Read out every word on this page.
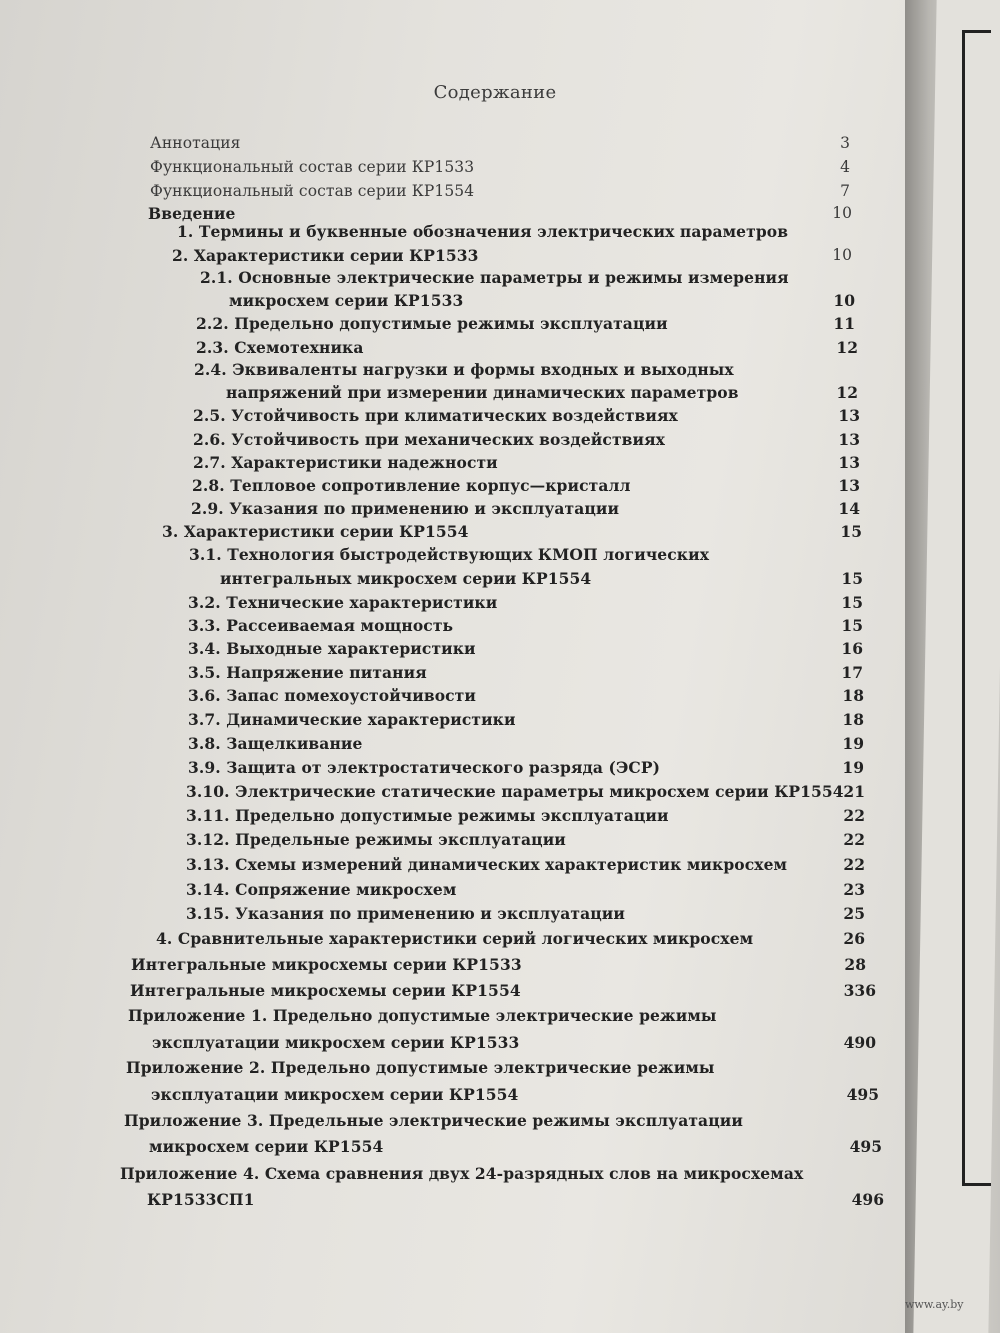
Содержание
Аннотация	3
Функциональный состав серии КР1533	4
Функциональный состав серии КР1554	7
Введение	10
1. Термины и буквенные обозначения электрических параметров
2. Характеристики серии КР1533	10
2.1. Основные электрические параметры и режимы измерения
микросхем серии КР1533	10
2.2. Предельно допустимые режимы эксплуатации	11
2.3. Схемотехника	12
2.4. Эквиваленты нагрузки и формы входных и выходных
напряжений при измерении динамических параметров	12
2.5. Устойчивость при климатических воздействиях	13
2.6. Устойчивость при механических воздействиях	13
2.7. Характеристики надежности	13
2.8. Тепловое сопротивление корпус—кристалл	13
2.9. Указания по применению и эксплуатации	14
3. Характеристики серии КР1554	15
3.1. Технология быстродействующих КМОП логических
интегральных микросхем серии КР1554	15
3.2. Технические характеристики	15
3.3. Рассеиваемая мощность	15
3.4. Выходные характеристики	16
3.5. Напряжение питания	17
3.6. Запас помехоустойчивости	18
3.7. Динамические характеристики	18
3.8. Защелкивание	19
3.9. Защита от электростатического разряда (ЭСР)	19
3.10. Электрические статические параметры микросхем серии КР1554 21
3.11. Предельно допустимые режимы эксплуатации	22
3.12. Предельные режимы эксплуатации	22
3.13. Схемы измерений динамических характеристик микросхем	22
3.14. Сопряжение микросхем	23
3.15. Указания по применению и эксплуатации	25
4. Сравнительные характеристики серий логических микросхем	26
Интегральные микросхемы серии КР1533	28
Интегральные микросхемы серии КР1554	336
Приложение 1. Предельно допустимые электрические режимы
эксплуатации микросхем серии КР1533	490
Приложение 2. Предельно допустимые электрические режимы
эксплуатации микросхем серии КР1554	495
Приложение 3. Предельные электрические режимы эксплуатации
микросхем серии КР1554	495
Приложение 4. Схема сравнения двух 24-разрядных слов на микросхемах
КР1533СП1	496
www.ay.by
